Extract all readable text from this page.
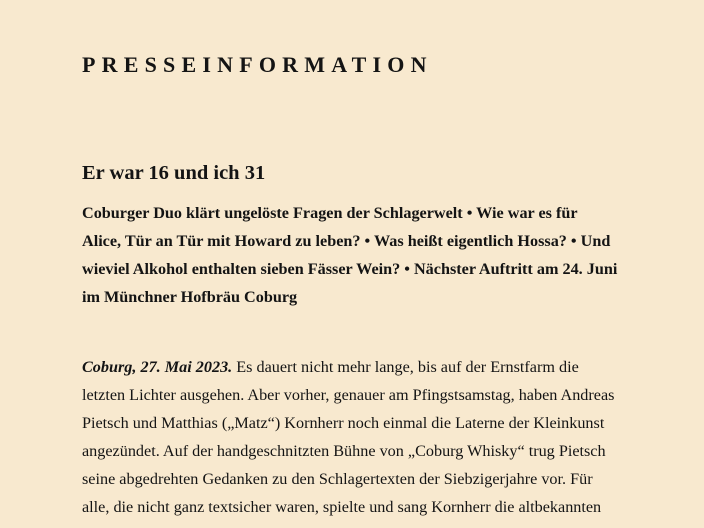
PRESSEINFORMATION
Er war 16 und ich 31
Coburger Duo klärt ungelöste Fragen der Schlagerwelt • Wie war es für
Alice, Tür an Tür mit Howard zu leben? • Was heißt eigentlich Hossa? • Und
wieviel Alkohol enthalten sieben Fässer Wein? • Nächster Auftritt am 24. Juni
im Münchner Hofbräu Coburg
Coburg, 27. Mai 2023. Es dauert nicht mehr lange, bis auf der Ernstfarm die
letzten Lichter ausgehen. Aber vorher, genauer am Pfingstsamstag, haben Andreas
Pietsch und Matthias („Matz“) Kornherr noch einmal die Laterne der Kleinkunst
angezündet. Auf der handgeschnitzten Bühne von „Coburg Whisky“ trug Pietsch
seine abgedrehten Gedanken zu den Schlagertexten der Siebzigerjahre vor. Für
alle, die nicht ganz textsicher waren, spielte und sang Kornherr die altbekannten
